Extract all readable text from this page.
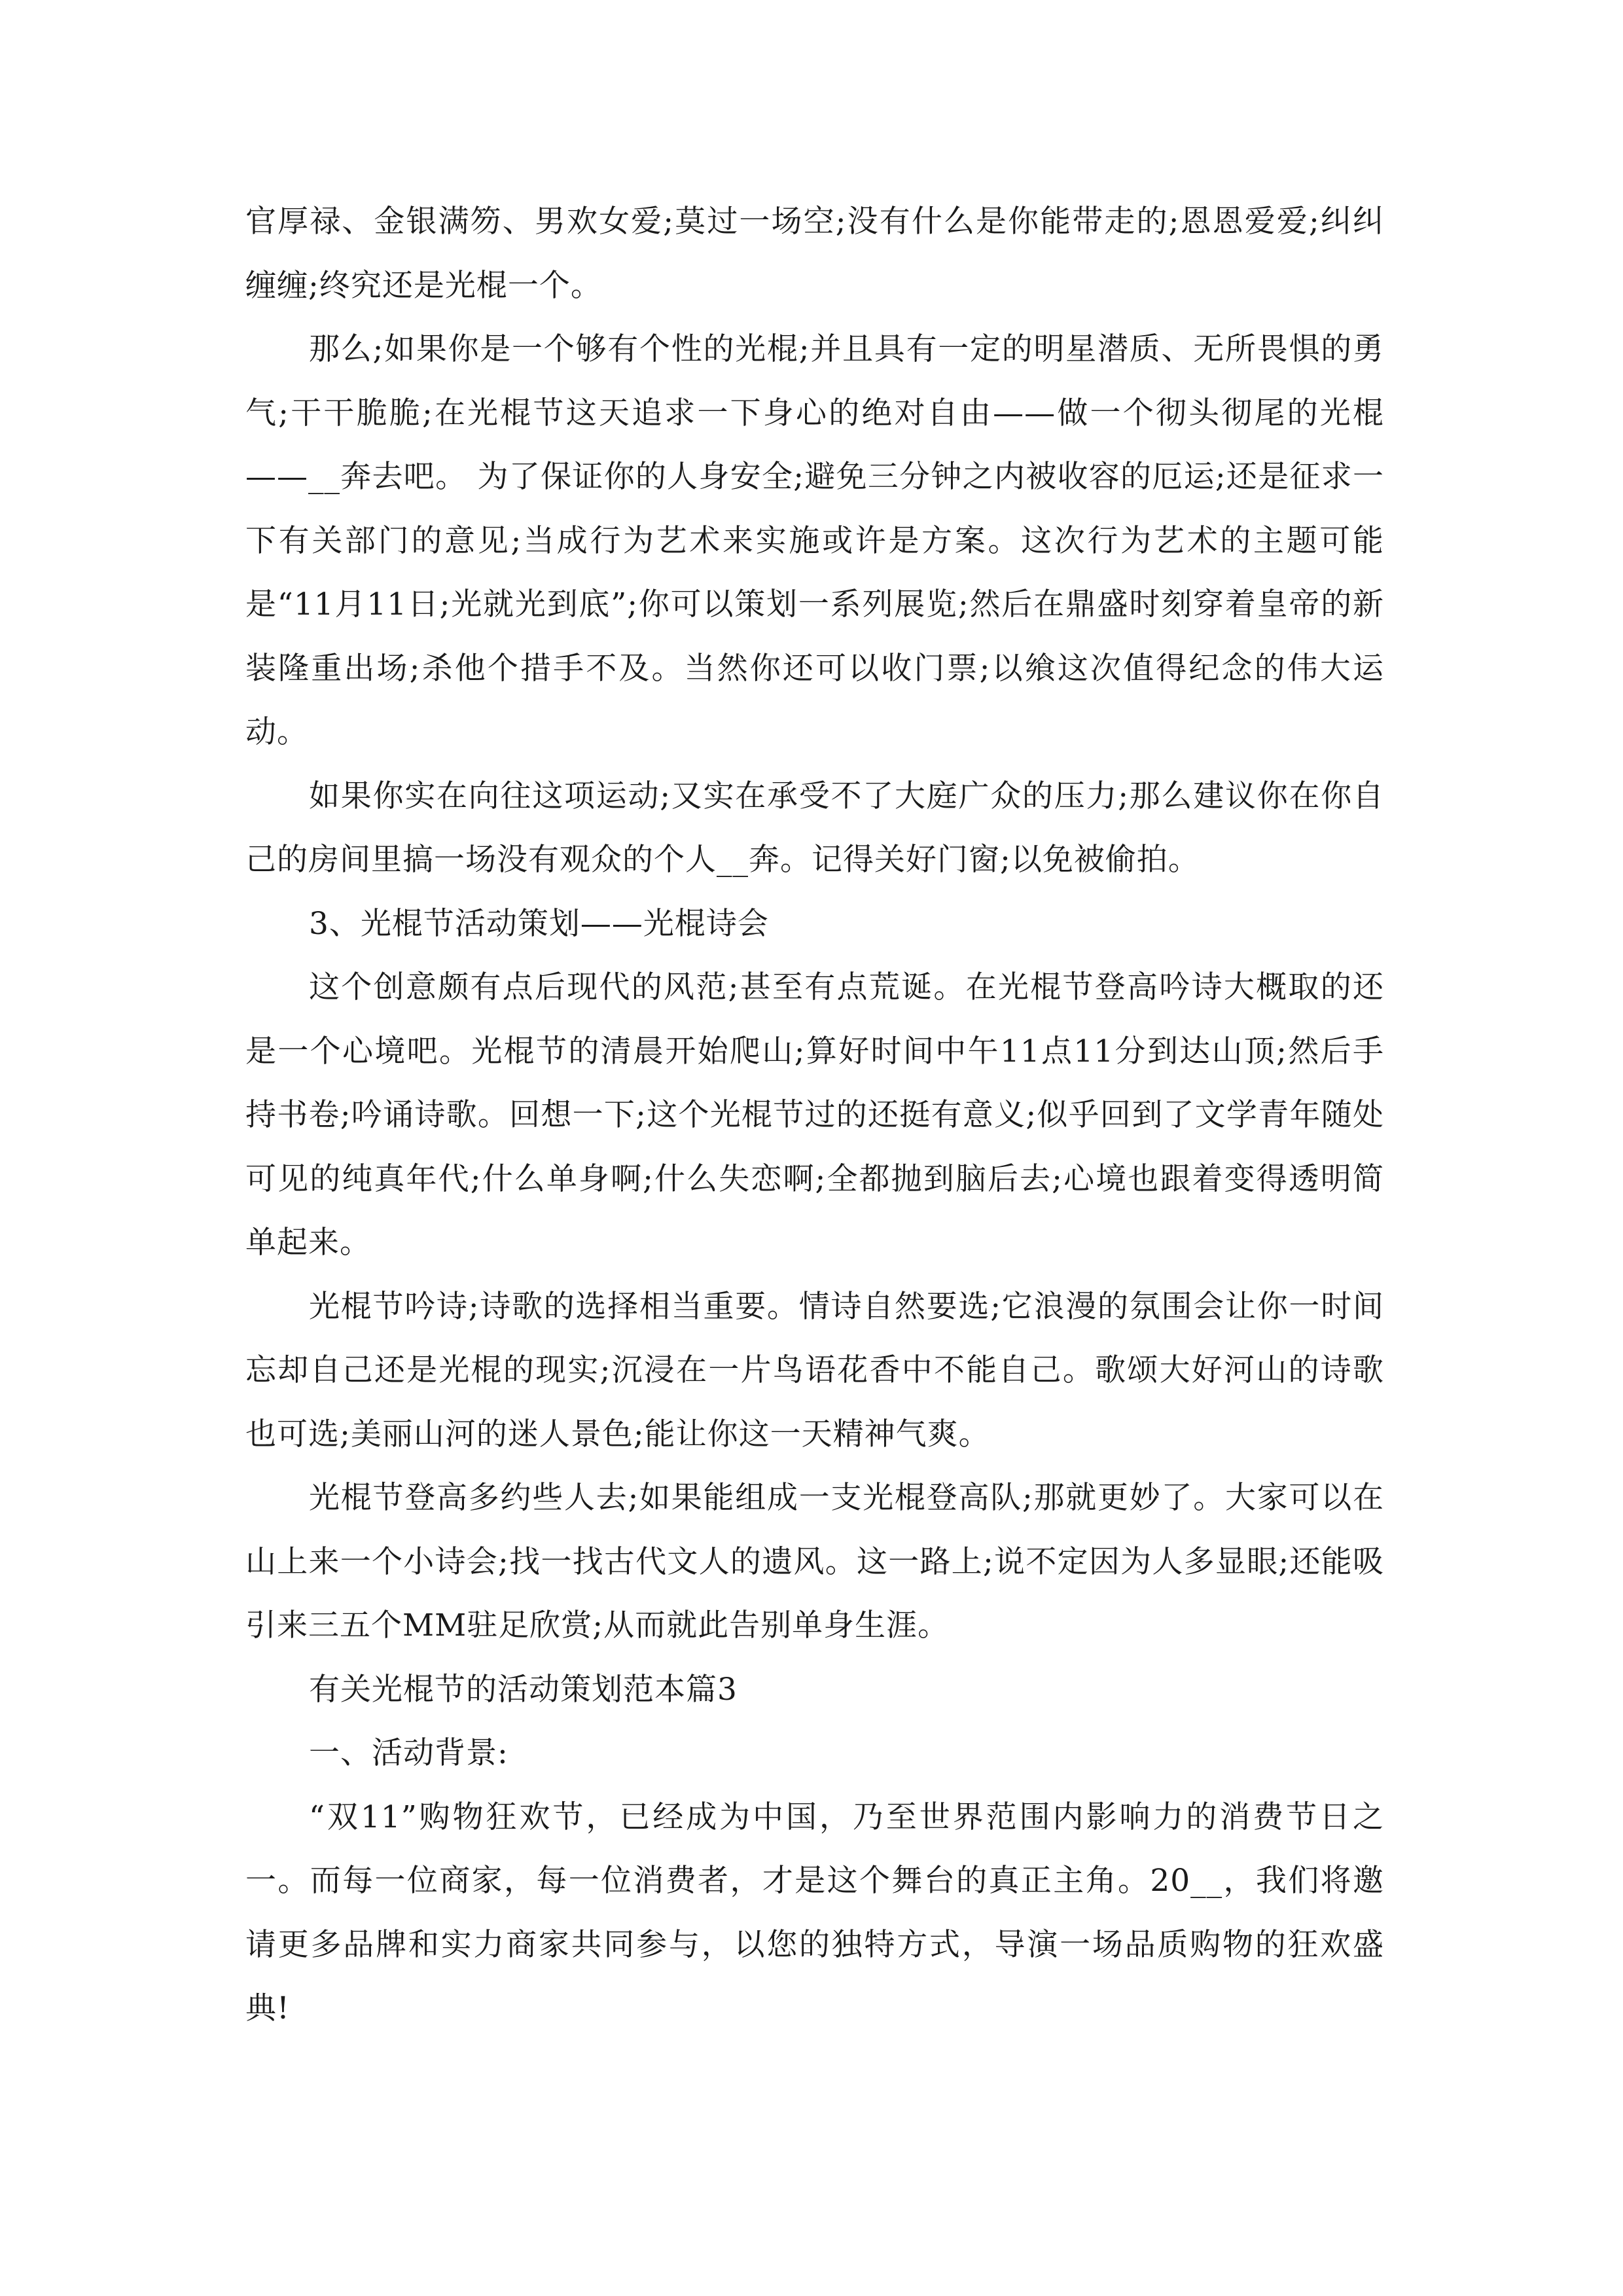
官厚禄、金银满笏、男欢女爱;莫过一场空;没有什么是你能带走的;恩恩爱爱;纠纠缠缠;终究还是光棍一个。

那么;如果你是一个够有个性的光棍;并且具有一定的明星潜质、无所畏惧的勇气;干干脆脆;在光棍节这天追求一下身心的绝对自由——做一个彻头彻尾的光棍——__奔去吧。 为了保证你的人身安全;避免三分钟之内被收容的厄运;还是征求一下有关部门的意见;当成行为艺术来实施或许是方案。这次行为艺术的主题可能是“11月11日;光就光到底”;你可以策划一系列展览;然后在鼎盛时刻穿着皇帝的新装隆重出场;杀他个措手不及。当然你还可以收门票;以飨这次值得纪念的伟大运动。

如果你实在向往这项运动;又实在承受不了大庭广众的压力;那么建议你在你自己的房间里搞一场没有观众的个人__奔。记得关好门窗;以免被偷拍。

3、光棍节活动策划——光棍诗会

这个创意颇有点后现代的风范;甚至有点荒诞。在光棍节登高吟诗大概取的还是一个心境吧。光棍节的清晨开始爬山;算好时间中午11点11分到达山顶;然后手持书卷;吟诵诗歌。回想一下;这个光棍节过的还挺有意义;似乎回到了文学青年随处可见的纯真年代;什么单身啊;什么失恋啊;全都抛到脑后去;心境也跟着变得透明简单起来。

光棍节吟诗;诗歌的选择相当重要。情诗自然要选;它浪漫的氛围会让你一时间忘却自己还是光棍的现实;沉浸在一片鸟语花香中不能自己。歌颂大好河山的诗歌也可选;美丽山河的迷人景色;能让你这一天精神气爽。

光棍节登高多约些人去;如果能组成一支光棍登高队;那就更妙了。大家可以在山上来一个小诗会;找一找古代文人的遗风。这一路上;说不定因为人多显眼;还能吸引来三五个MM驻足欣赏;从而就此告别单身生涯。

有关光棍节的活动策划范本篇3

一、活动背景:

“双11”购物狂欢节，已经成为中国，乃至世界范围内影响力的消费节日之一。而每一位商家，每一位消费者，才是这个舞台的真正主角。20__，我们将邀请更多品牌和实力商家共同参与，以您的独特方式，导演一场品质购物的狂欢盛典!
